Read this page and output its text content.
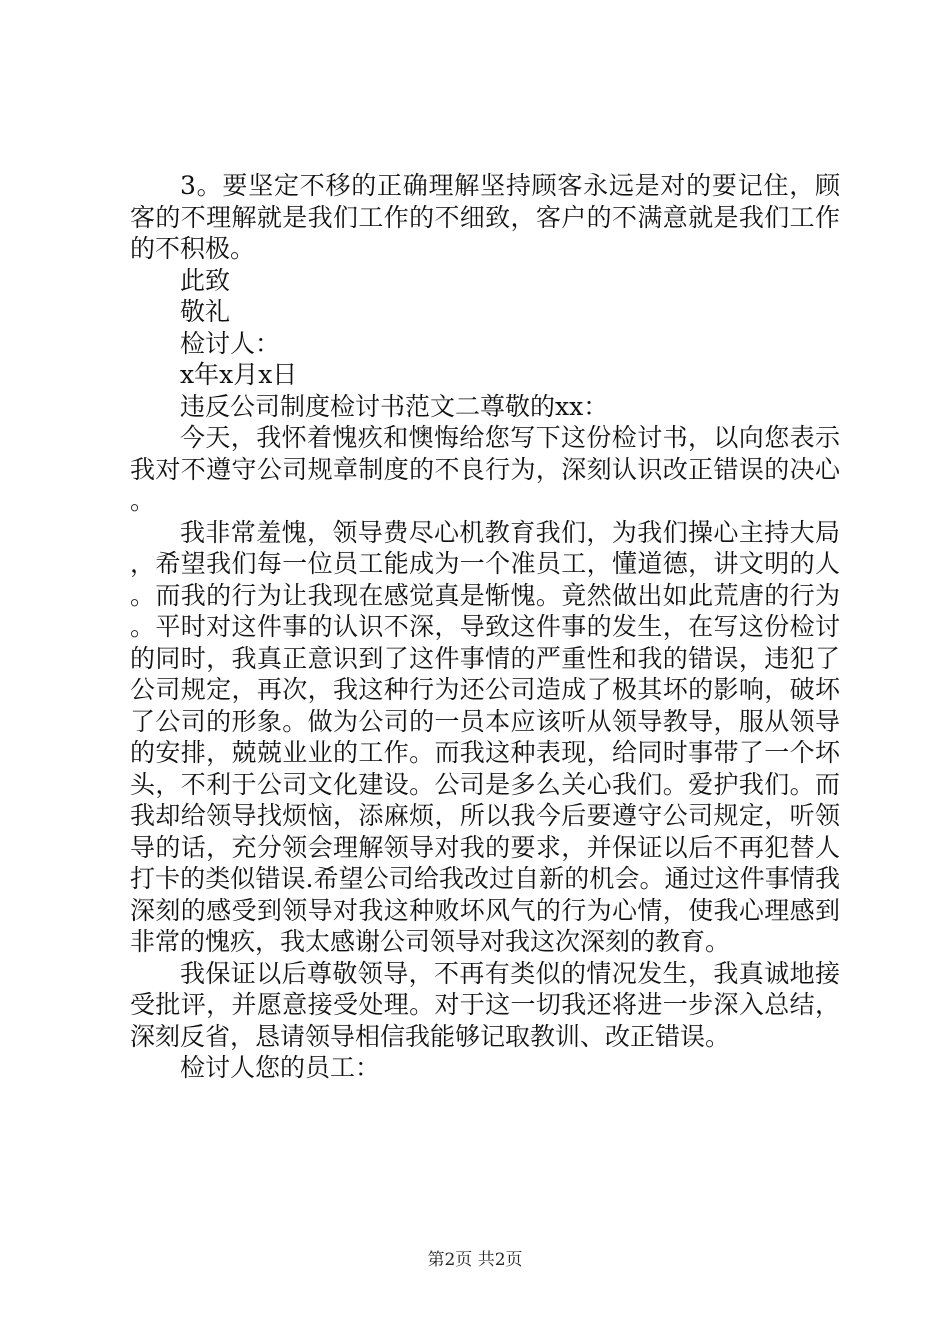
3。要坚定不移的正确理解坚持顾客永远是对的要记住，顾客的不理解就是我们工作的不细致，客户的不满意就是我们工作的不积极。

此致

敬礼

检讨人：

x年x月x日

违反公司制度检讨书范文二尊敬的xx：

今天，我怀着愧疚和懊悔给您写下这份检讨书，以向您表示我对不遵守公司规章制度的不良行为，深刻认识改正错误的决心。

我非常羞愧，领导费尽心机教育我们，为我们操心主持大局，希望我们每一位员工能成为一个准员工，懂道德，讲文明的人。而我的行为让我现在感觉真是惭愧。竟然做出如此荒唐的行为。平时对这件事的认识不深，导致这件事的发生，在写这份检讨的同时，我真正意识到了这件事情的严重性和我的错误，违犯了公司规定，再次，我这种行为还公司造成了极其坏的影响，破坏了公司的形象。做为公司的一员本应该听从领导教导，服从领导的安排，兢兢业业的工作。而我这种表现，给同时事带了一个坏头，不利于公司文化建设。公司是多么关心我们。爱护我们。而我却给领导找烦恼，添麻烦，所以我今后要遵守公司规定，听领导的话，充分领会理解领导对我的要求，并保证以后不再犯替人打卡的类似错误.希望公司给我改过自新的机会。通过这件事情我深刻的感受到领导对我这种败坏风气的行为心情，使我心理感到非常的愧疚，我太感谢公司领导对我这次深刻的教育。

我保证以后尊敬领导，不再有类似的情况发生，我真诚地接受批评，并愿意接受处理。对于这一切我还将进一步深入总结，深刻反省，恳请领导相信我能够记取教训、改正错误。

检讨人您的员工：

第2页 共2页
